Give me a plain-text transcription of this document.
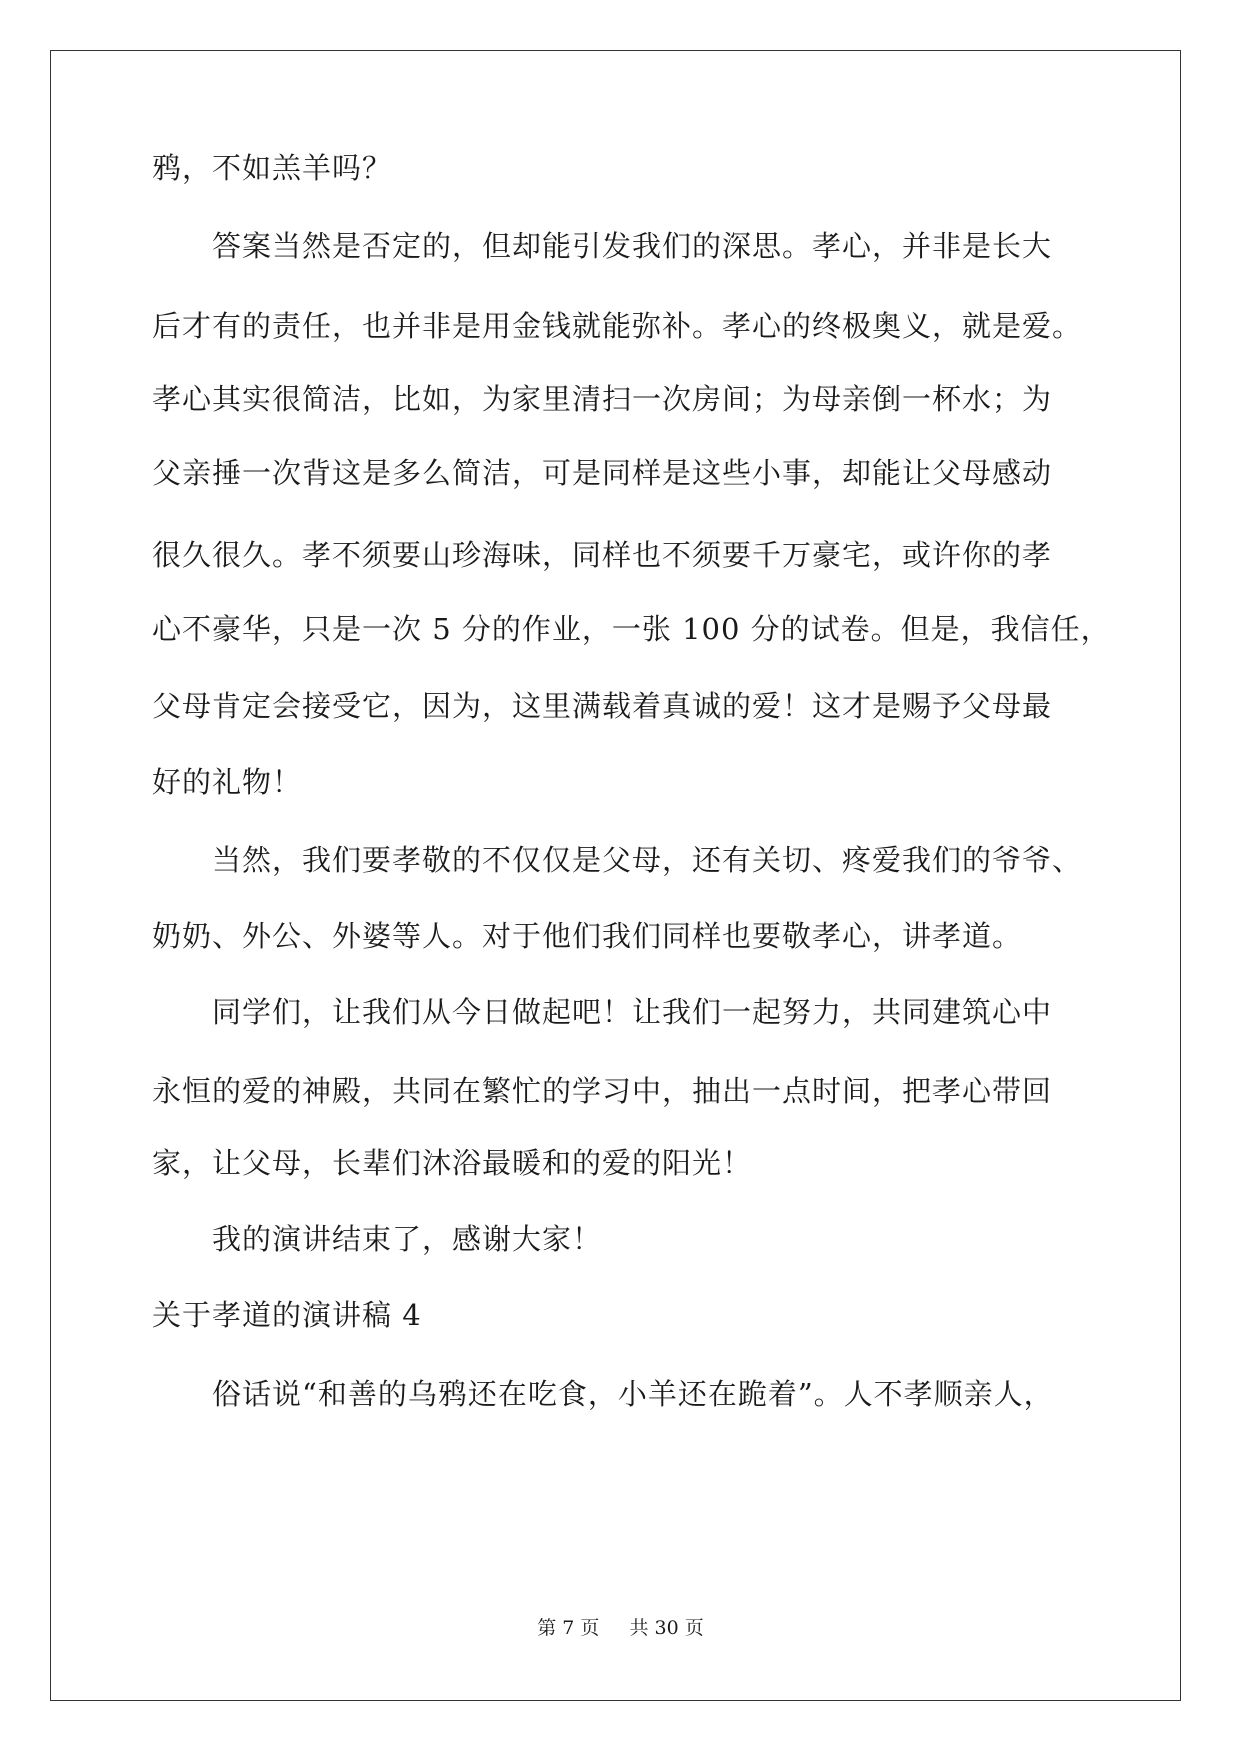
鸦，不如羔羊吗？
　　答案当然是否定的，但却能引发我们的深思。孝心，并非是长大
后才有的责任，也并非是用金钱就能弥补。孝心的终极奥义，就是爱。
孝心其实很简洁，比如，为家里清扫一次房间；为母亲倒一杯水；为
父亲捶一次背这是多么简洁，可是同样是这些小事，却能让父母感动
很久很久。孝不须要山珍海味，同样也不须要千万豪宅，或许你的孝
心不豪华，只是一次 5 分的作业，一张 100 分的试卷。但是，我信任，
父母肯定会接受它，因为，这里满载着真诚的爱！这才是赐予父母最
好的礼物！
　　当然，我们要孝敬的不仅仅是父母，还有关切、疼爱我们的爷爷、
奶奶、外公、外婆等人。对于他们我们同样也要敬孝心，讲孝道。
　　同学们，让我们从今日做起吧！让我们一起努力，共同建筑心中
永恒的爱的神殿，共同在繁忙的学习中，抽出一点时间，把孝心带回
家，让父母，长辈们沐浴最暖和的爱的阳光！
　　我的演讲结束了，感谢大家！
关于孝道的演讲稿 4
　　俗话说“和善的乌鸦还在吃食，小羊还在跪着”。人不孝顺亲人，
第 7 页 共 30 页
